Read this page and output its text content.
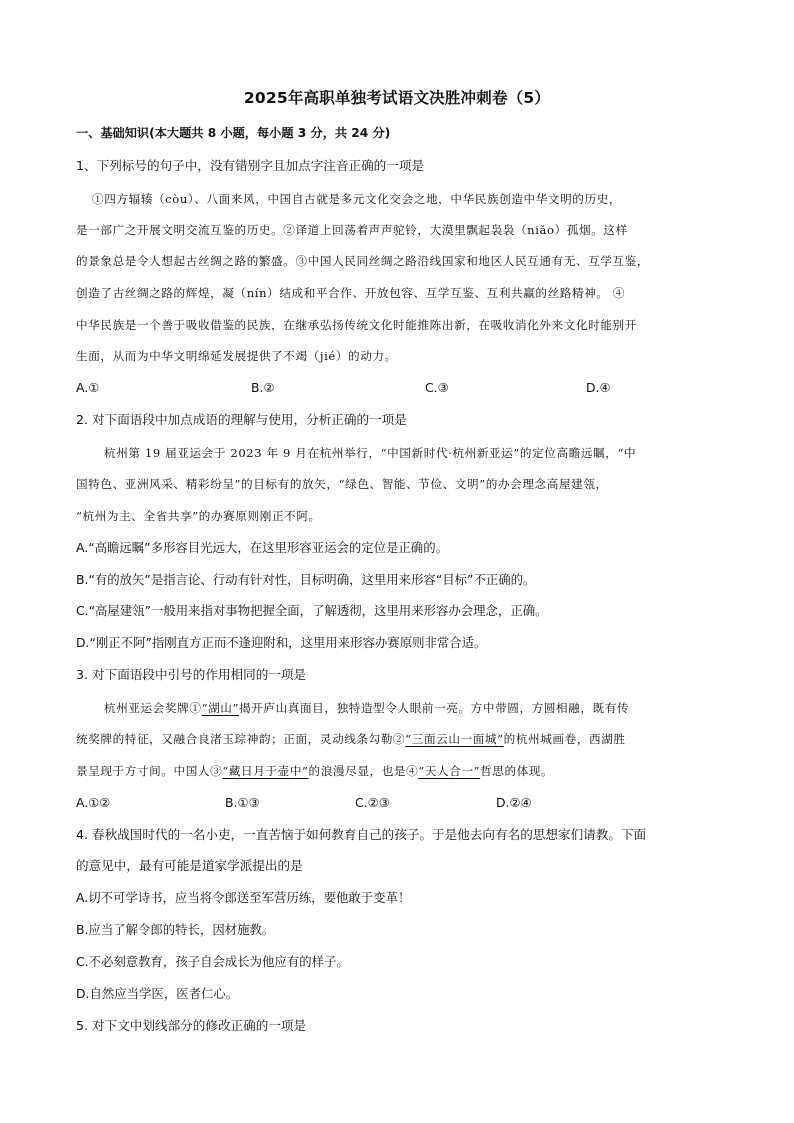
2025年高职单独考试语文决胜冲刺卷（5）
一、基础知识(本大题共 8 小题，每小题 3 分，共 24 分)
1、下列标号的句子中，没有错别字且加点字注音正确的一项是
①四方辐辏（còu）、八面来风，中国自古就是多元文化交会之地，中华民族创造中华文明的历史，
是一部广之开展文明交流互鉴的历史。②译道上回荡着声声驼铃，大漠里飘起袅袅（niǎo）孤烟。这样
的景象总是令人想起古丝绸之路的繁盛。③中国人民同丝绸之路沿线国家和地区人民互通有无、互学互鉴，
创造了古丝绸之路的辉煌，凝（nín）结成和平合作、开放包容、互学互鉴、互利共赢的丝路精神。 ④
中华民族是一个善于吸收借鉴的民族，在继承弘扬传统文化时能推陈出新，在吸收消化外来文化时能别开
生面，从而为中华文明绵延发展提供了不竭（jié）的动力。
A.①	B.②	C.③	D.④
2. 对下面语段中加点成语的理解与使用，分析正确的一项是
杭州第 19 届亚运会于 2023 年 9 月在杭州举行，“中国新时代·杭州新亚运”的定位高瞻远瞩，“中
国特色、亚洲风采、精彩纷呈”的目标有的放矢，“绿色、智能、节俭、文明”的办会理念高屋建瓴，
“杭州为主、全省共享”的办赛原则刚正不阿。
A.“高瞻远瞩”多形容目光远大，在这里形容亚运会的定位是正确的。
B.“有的放矢”是指言论、行动有针对性，目标明确，这里用来形容“目标”不正确的。
C.“高屋建瓴”一般用来指对事物把握全面，了解透彻，这里用来形容办会理念，正确。
D.“刚正不阿”指刚直方正而不逢迎附和，这里用来形容办赛原则非常合适。
3. 对下面语段中引号的作用相同的一项是
杭州亚运会奖牌①“湖山”揭开庐山真面目，独特造型令人眼前一亮。方中带圆，方圆相融，既有传
统奖牌的特征，又融合良渚玉琮神韵；正面，灵动线条勾勒②“三面云山一面城”的杭州城画卷，西湖胜
景呈现于方寸间。中国人③“藏日月于壶中”的浪漫尽显，也是④“天人合一”哲思的体现。
A.①②	B.①③	C.②③	D.②④
4. 春秋战国时代的一名小吏，一直苦恼于如何教育自己的孩子。于是他去向有名的思想家们请教。下面
的意见中，最有可能是道家学派提出的是
A.切不可学诗书，应当将令郎送至军营历练，要他敢于变革！
B.应当了解令郎的特长，因材施教。
C.不必刻意教育，孩子自会成长为他应有的样子。
D.自然应当学医，医者仁心。
5. 对下文中划线部分的修改正确的一项是
